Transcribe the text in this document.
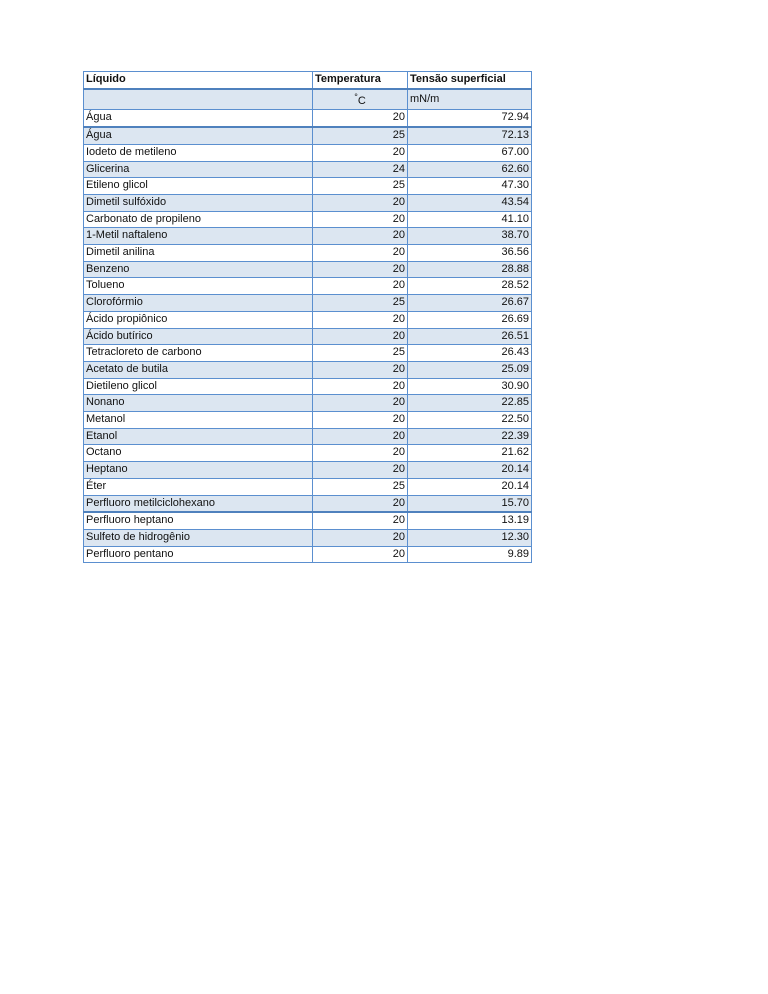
Líquido	Temperatura	Tensão superficial
	°C	mN/m
Água	20	72.94
Água	25	72.13
Iodeto de metileno	20	67.00
Glicerina	24	62.60
Etileno glicol	25	47.30
Dimetil sulfóxido	20	43.54
Carbonato de propileno	20	41.10
1-Metil naftaleno	20	38.70
Dimetil anilina	20	36.56
Benzeno	20	28.88
Tolueno	20	28.52
Clorofórmio	25	26.67
Ácido propiônico	20	26.69
Ácido butírico	20	26.51
Tetracloreto de carbono	25	26.43
Acetato de butila	20	25.09
Dietileno glicol	20	30.90
Nonano	20	22.85
Metanol	20	22.50
Etanol	20	22.39
Octano	20	21.62
Heptano	20	20.14
Éter	25	20.14
Perfluoro metilciclohexano	20	15.70
Perfluoro heptano	20	13.19
Sulfeto de hidrogênio	20	12.30
Perfluoro pentano	20	9.89
